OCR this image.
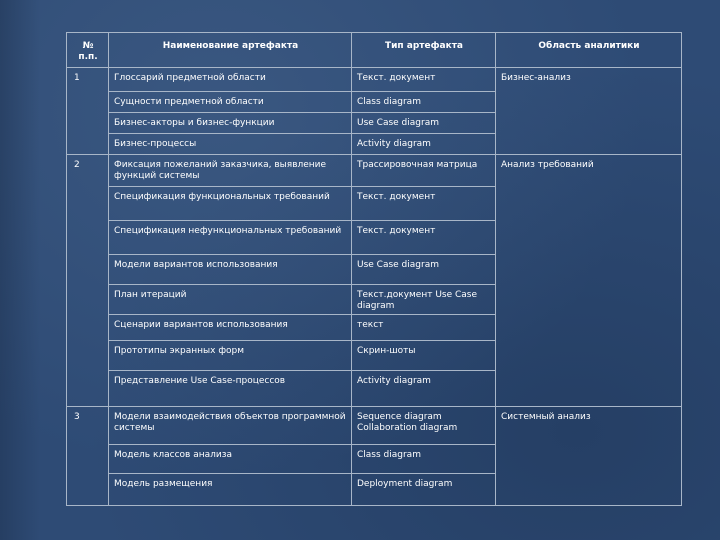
№ п.п.	Наименование артефакта	Тип артефакта	Область аналитики
1	Глоссарий предметной области	Текст. документ	Бизнес-анализ
	Сущности предметной области	Class diagram	
	Бизнес-акторы и бизнес-функции	Use Case diagram	
	Бизнес-процессы	Activity diagram	
2	Фиксация пожеланий заказчика, выявление функций системы	Трассировочная матрица	Анализ требований
	Спецификация функциональных требований	Текст. документ	
	Спецификация нефункциональных требований	Текст. документ	
	Модели вариантов использования	Use Case diagram	
	План итераций	Текст.документ Use Case diagram	
	Сценарии вариантов использования	текст	
	Прототипы экранных форм	Скрин-шоты	
	Представление Use Case-процессов	Activity diagram	
3	Модели взаимодействия объектов программной системы	Sequence diagram Collaboration diagram	Системный анализ
	Модель классов анализа	Class diagram	
	Модель размещения	Deployment diagram	
